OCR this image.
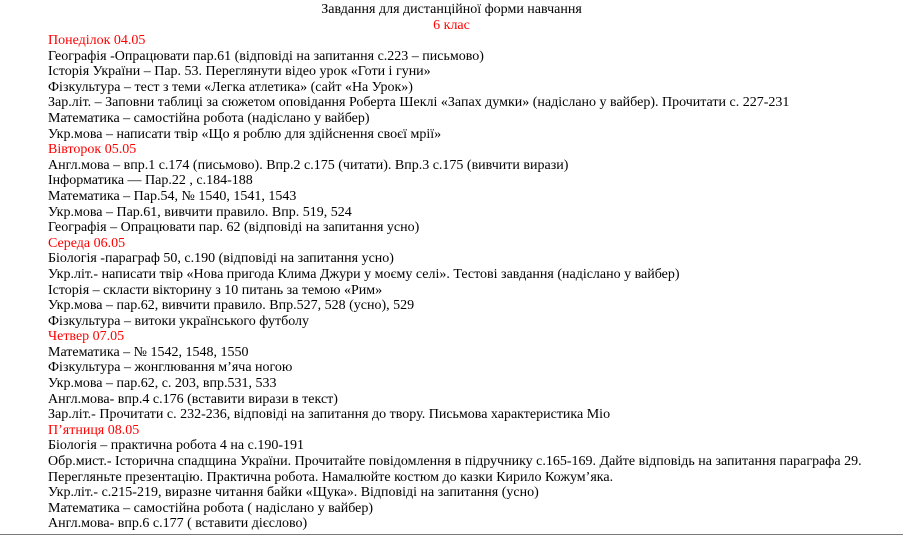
Завдання для дистанційної форми навчання
6 клас
Понеділок 04.05
Географія -Опрацювати пар.61 (відповіді на запитання с.223 – письмово)
Історія України – Пар. 53. Переглянути відео урок «Готи і гуни»
Фізкультура – тест з теми «Легка атлетика» (сайт «На Урок»)
Зар.літ. – Заповни таблиці за сюжетом оповідання Роберта Шеклі «Запах думки» (надіслано у вайбер). Прочитати с. 227-231
Математика – самостійна робота (надіслано у вайбер)
Укр.мова – написати твір «Що я роблю для здійснення своєї мрії»
Вівторок 05.05
Англ.мова – впр.1 с.174 (письмово). Впр.2 с.175 (читати). Впр.3 с.175 (вивчити вирази)
Інформатика — Пар.22 , с.184-188
Математика – Пар.54, № 1540, 1541, 1543
Укр.мова – Пар.61, вивчити правило. Впр. 519, 524
Географія – Опрацювати пар. 62 (відповіді на запитання усно)
Середа 06.05
Біологія -параграф 50, с.190 (відповіді на запитання усно)
Укр.літ.- написати твір «Нова пригода Клима Джури у моєму селі». Тестові завдання (надіслано у вайбер)
Історія – скласти вікторину з 10 питань за темою «Рим»
Укр.мова – пар.62, вивчити правило. Впр.527, 528 (усно), 529
Фізкультура – витоки українського футболу
Четвер 07.05
Математика – № 1542, 1548, 1550
Фізкультура – жонглювання м’яча ногою
Укр.мова – пар.62, с. 203, впр.531, 533
Англ.мова- впр.4 с.176 (вставити вирази в текст)
Зар.літ.- Прочитати с. 232-236, відповіді на запитання до твору. Письмова характеристика Міо
П’ятниця 08.05
Біологія – практична робота 4 на с.190-191
Обр.мист.- Історична спадщина України. Прочитайте повідомлення в підручнику с.165-169. Дайте відповідь на запитання параграфа 29.
Перегляньте презентацію. Практична робота. Намалюйте костюм до казки Кирило Кожум’яка.
Укр.літ.- с.215-219, виразне читання байки «Щука». Відповіді на запитання (усно)
Математика – самостійна робота ( надіслано у вайбер)
Англ.мова- впр.6 с.177 ( вставити дієслово)
